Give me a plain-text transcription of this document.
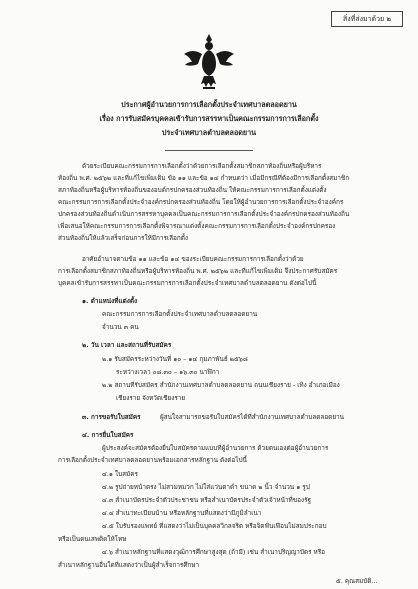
สิ่งที่ส่งมาด้วย ๒
ประกาศผู้อำนวยการการเลือกตั้งประจำเทศบาลตลอดยาน
เรื่อง การรับสมัครบุคคลเข้ารับการสรรหาเป็นคณะกรรมการการเลือกตั้ง
ประจำเทศบาลตำบลตลอดยาน
ด้วยระเบียบคณะกรรมการการเลือกตั้งว่าด้วยการเลือกตั้งสมาชิกสภาท้องถิ่นหรือผู้บริหาร
ท้องถิ่น พ.ศ. ๒๕๖๒ และที่แก้ไขเพิ่มเติม ข้อ ๑๑ และข้อ ๑๔ กำหนดว่า เมื่อมีกรณีที่ต้องมีการเลือกตั้งสมาชิก
สภาท้องถิ่นหรือผู้บริหารท้องถิ่นของอบต์กรปกครองส่วนท้องถิ่น ให้คณะกรรมการการเลือกตั้งแต่งตั้ง
คณะกรรมการการเลือกตั้งประจำองค์กรปกครองส่วนท้องถิ่น โดยให้ผู้อำนวยการการเลือกตั้งประจำองค์กร
ปกครองส่วนท้องถิ่นดำเนินการสรรหาบุคคลเป็นคณะกรรมการการเลือกตั้งประจำองค์กรปกครองส่วนท้องถิ่น
เพื่อเสนอให้คณะกรรมการการเลือกตั้งพิจารณาแต่งตั้งคณะกรรมการการเลือกตั้งประจำองค์กรปกครอง
ส่วนท้องถิ่นให้แล้วเสร็จก่อนการให้มีการเลือกตั้ง
อาศัยอำนาจตามข้อ ๑๑ และข้อ ๑๔ ของระเบียบคณะกรรมการการเลือกตั้งว่าด้วย
การเลือกตั้งสมาชิกสภาท้องถิ่นหรือผู้บริหารท้องถิ่น พ.ศ. ๒๕๖๒ และที่แก้ไขเพิ่มเติม จึงประกาศรับสมัคร
บุคคลเข้ารับการสรรหาเป็นคณะกรรมการการเลือกตั้งประจำเทศบาลตำบลตลอดยาน ดังต่อไปนี้
๑. ตำแหน่งที่แต่งตั้ง
คณะกรรมการการเลือกตั้งประจำเทศบาลตำบลตลอดยาน
จำนวน ๓ คน
๒. วัน เวลา และสถานที่รับสมัคร
๒.๑ รับสมัครระหว่างวันที่ ๑๐ – ๑๔ กุมภาพันธ์ ๒๕๖๘
ระหว่างเวลา ๐๘.๓๐ – ๑๖.๓๐ นาฬิกา
๒.๒ สถานที่รับสมัคร สำนักงานเทศบาลตำบลตลอดยาน ถนนเชียงราย - เทิง อำเภอเมือง
เชียงราย จังหวัดเชียงราย
๓. การขอรับใบสมัคร	ผู้สนใจสามารถขอรับใบสมัครได้ที่สำนักงานเทศบาลตำบลตลอดยาน
๔. การยื่นใบสมัคร
ผู้ประสงค์จะสมัครต้องยื่นใบสมัครตามแบบที่ผู้อำนวยการ ด้วยตนเองต่อผู้อำนวยการ
การเลือกตั้งประจำเทศบาลตลอดยานพร้อมเอกสารหลักฐาน ดังต่อไปนี้
๔.๑ ใบสมัคร
๔.๒ รูปถ่ายหน้าตรง ไม่สวมหมวก ไม่ใส่แว่นตาดำ ขนาด ๒ นิ้ว จำนวน ๑ รูป
๔.๓ สำเนาบัตรประจำตัวประชาชน หรือสำเนาบัตรประจำตัวเจ้าหน้าที่ของรัฐ
๔.๔ สำเนาทะเบียนบ้าน หรือหลักฐานที่แสดงว่ามีภูมิลำเนา
๔.๕ ใบรับรองแพทย์ ที่แสดงว่าไม่เป็นบุคคลวิกลจริต หรือจิตฟั่นเฟือนไม่สมประกอบ
หรือเป็นคนเสพติดให้โทษ
๔.๖ สำเนาหลักฐานที่แสดงวุฒิการศึกษาสูงสุด (ถ้ามี) เช่น สำเนาปริญญาบัตร หรือ
สำเนาหลักฐานอื่นใดที่แสดงว่าเป็นผู้สำเร็จการศึกษา
๕. คุณสมบัติ...
